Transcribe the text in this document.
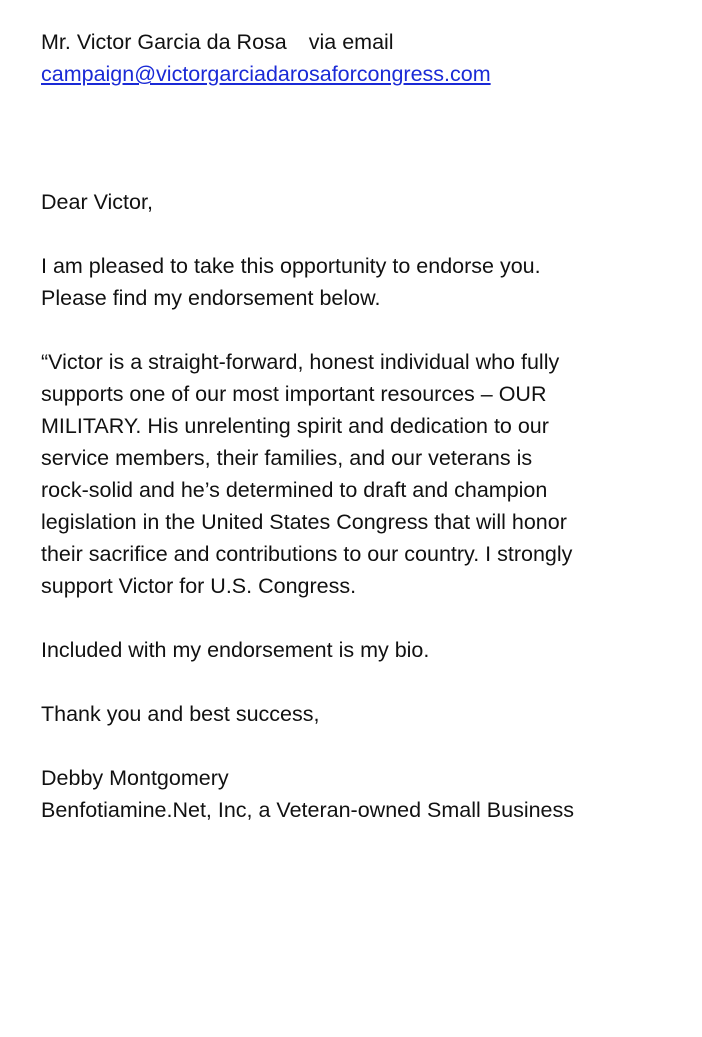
Mr. Victor Garcia da Rosa via email
campaign@victorgarciadarosaforcongress.com
Dear Victor,

I am pleased to take this opportunity to endorse you.
Please find my endorsement below.

“Victor is a straight-forward, honest individual who fully
supports one of our most important resources – OUR
MILITARY. His unrelenting spirit and dedication to our
service members, their families, and our veterans is
rock-solid and he’s determined to draft and champion
legislation in the United States Congress that will honor
their sacrifice and contributions to our country. I strongly
support Victor for U.S. Congress.

Included with my endorsement is my bio.
Thank you and best success,
Debby Montgomery
Benfotiamine.Net, Inc, a Veteran-owned Small Business
